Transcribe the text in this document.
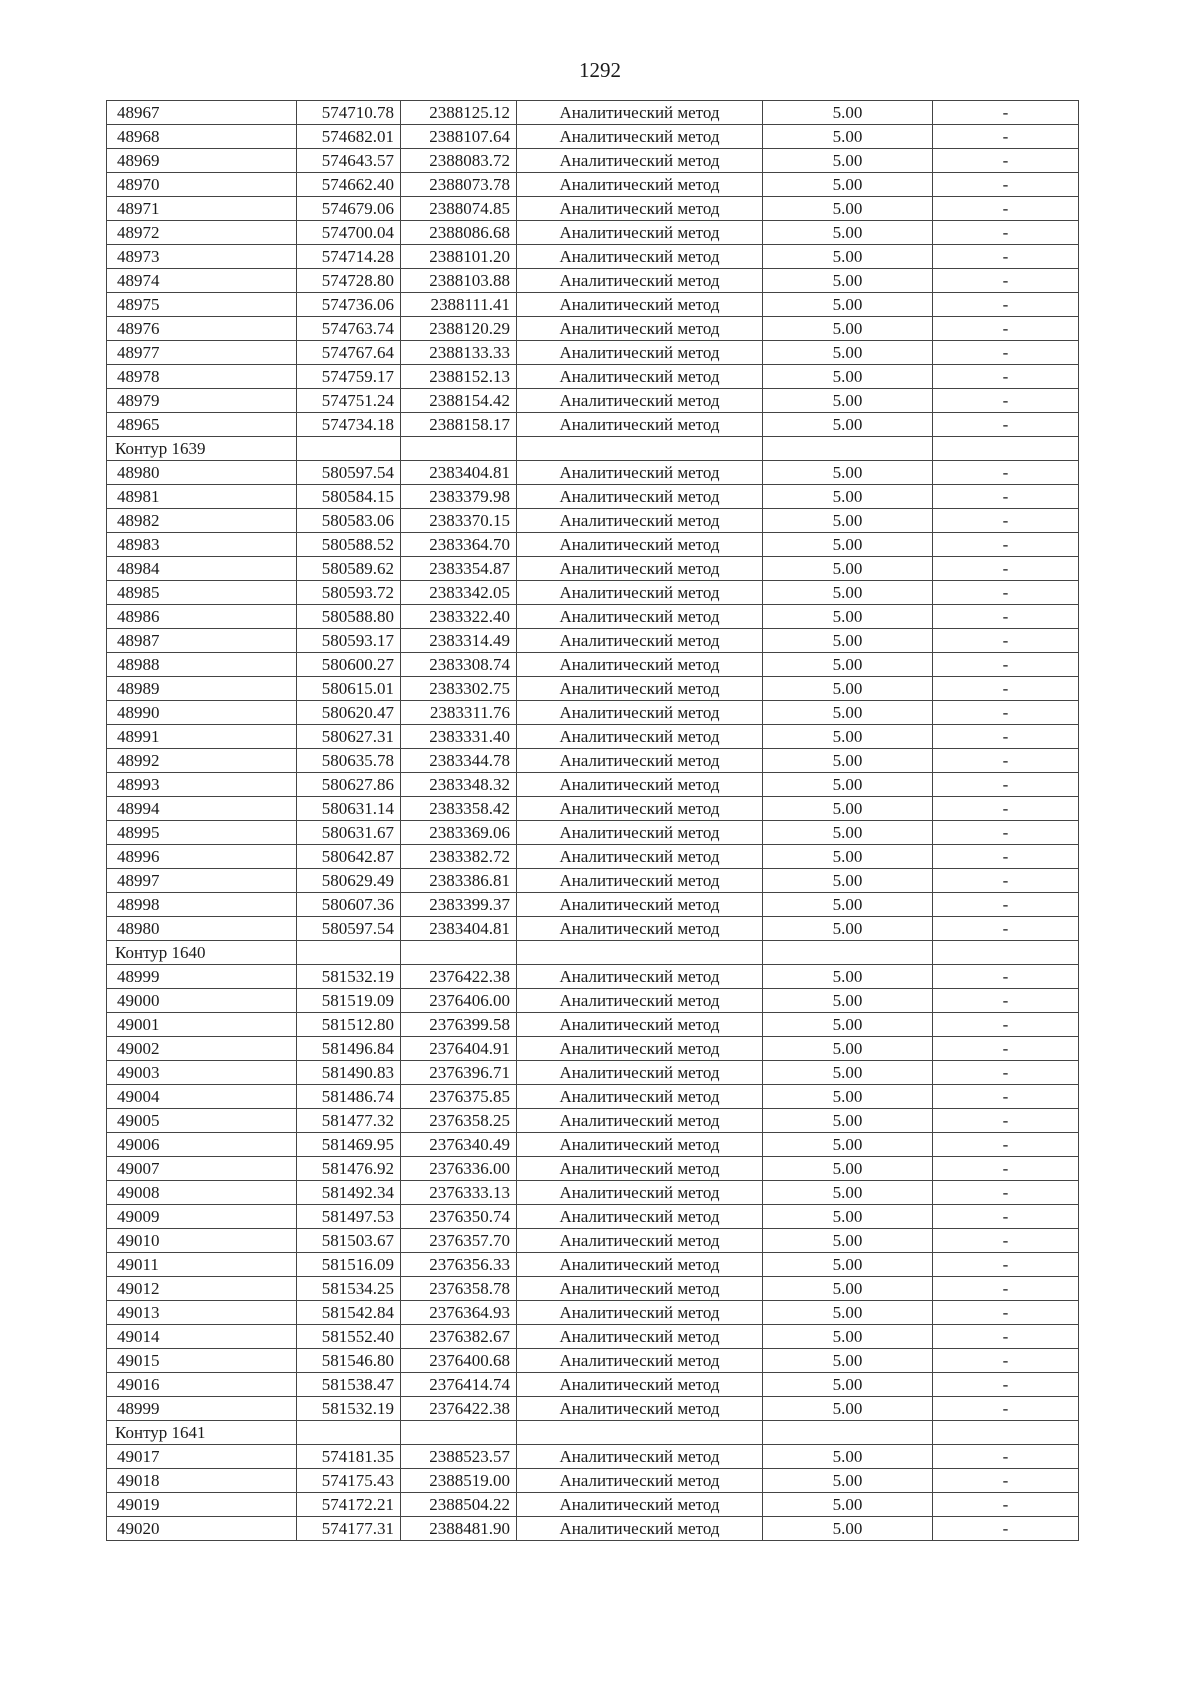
1292
48967	574710.78	2388125.12	Аналитический метод	5.00	-
48968	574682.01	2388107.64	Аналитический метод	5.00	-
48969	574643.57	2388083.72	Аналитический метод	5.00	-
48970	574662.40	2388073.78	Аналитический метод	5.00	-
48971	574679.06	2388074.85	Аналитический метод	5.00	-
48972	574700.04	2388086.68	Аналитический метод	5.00	-
48973	574714.28	2388101.20	Аналитический метод	5.00	-
48974	574728.80	2388103.88	Аналитический метод	5.00	-
48975	574736.06	2388111.41	Аналитический метод	5.00	-
48976	574763.74	2388120.29	Аналитический метод	5.00	-
48977	574767.64	2388133.33	Аналитический метод	5.00	-
48978	574759.17	2388152.13	Аналитический метод	5.00	-
48979	574751.24	2388154.42	Аналитический метод	5.00	-
48965	574734.18	2388158.17	Аналитический метод	5.00	-
Контур 1639					
48980	580597.54	2383404.81	Аналитический метод	5.00	-
48981	580584.15	2383379.98	Аналитический метод	5.00	-
48982	580583.06	2383370.15	Аналитический метод	5.00	-
48983	580588.52	2383364.70	Аналитический метод	5.00	-
48984	580589.62	2383354.87	Аналитический метод	5.00	-
48985	580593.72	2383342.05	Аналитический метод	5.00	-
48986	580588.80	2383322.40	Аналитический метод	5.00	-
48987	580593.17	2383314.49	Аналитический метод	5.00	-
48988	580600.27	2383308.74	Аналитический метод	5.00	-
48989	580615.01	2383302.75	Аналитический метод	5.00	-
48990	580620.47	2383311.76	Аналитический метод	5.00	-
48991	580627.31	2383331.40	Аналитический метод	5.00	-
48992	580635.78	2383344.78	Аналитический метод	5.00	-
48993	580627.86	2383348.32	Аналитический метод	5.00	-
48994	580631.14	2383358.42	Аналитический метод	5.00	-
48995	580631.67	2383369.06	Аналитический метод	5.00	-
48996	580642.87	2383382.72	Аналитический метод	5.00	-
48997	580629.49	2383386.81	Аналитический метод	5.00	-
48998	580607.36	2383399.37	Аналитический метод	5.00	-
48980	580597.54	2383404.81	Аналитический метод	5.00	-
Контур 1640					
48999	581532.19	2376422.38	Аналитический метод	5.00	-
49000	581519.09	2376406.00	Аналитический метод	5.00	-
49001	581512.80	2376399.58	Аналитический метод	5.00	-
49002	581496.84	2376404.91	Аналитический метод	5.00	-
49003	581490.83	2376396.71	Аналитический метод	5.00	-
49004	581486.74	2376375.85	Аналитический метод	5.00	-
49005	581477.32	2376358.25	Аналитический метод	5.00	-
49006	581469.95	2376340.49	Аналитический метод	5.00	-
49007	581476.92	2376336.00	Аналитический метод	5.00	-
49008	581492.34	2376333.13	Аналитический метод	5.00	-
49009	581497.53	2376350.74	Аналитический метод	5.00	-
49010	581503.67	2376357.70	Аналитический метод	5.00	-
49011	581516.09	2376356.33	Аналитический метод	5.00	-
49012	581534.25	2376358.78	Аналитический метод	5.00	-
49013	581542.84	2376364.93	Аналитический метод	5.00	-
49014	581552.40	2376382.67	Аналитический метод	5.00	-
49015	581546.80	2376400.68	Аналитический метод	5.00	-
49016	581538.47	2376414.74	Аналитический метод	5.00	-
48999	581532.19	2376422.38	Аналитический метод	5.00	-
Контур 1641					
49017	574181.35	2388523.57	Аналитический метод	5.00	-
49018	574175.43	2388519.00	Аналитический метод	5.00	-
49019	574172.21	2388504.22	Аналитический метод	5.00	-
49020	574177.31	2388481.90	Аналитический метод	5.00	-
